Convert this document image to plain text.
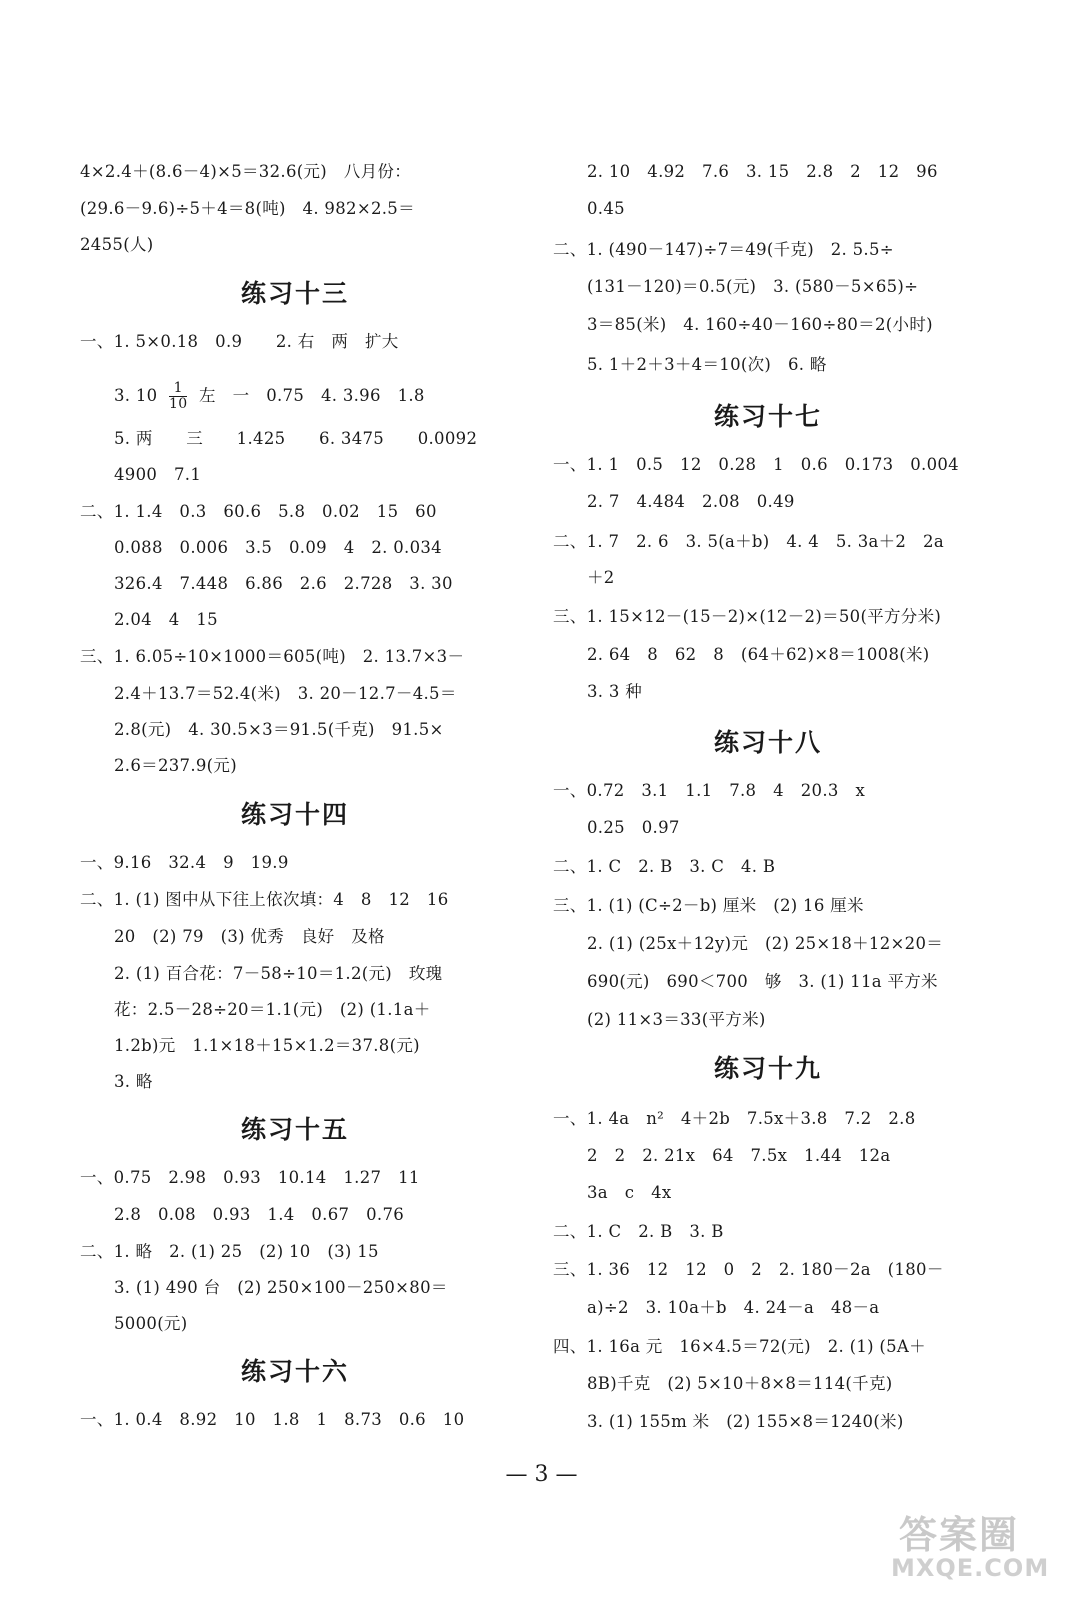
4×2.4＋(8.6－4)×5＝32.6(元)　八月份：
(29.6－9.6)÷5＋4＝8(吨)　4. 982×2.5＝
2455(人)
练习十三
一、1. 5×0.18　0.9　　2. 右　两　扩大
3. $10 \frac{1}{10}$ 左　一　0.75　4. 3.96　1.8
5. 两　　三　　1.425　　6. 3475　　0.0092
4900　7.1
二、1. 1.4　0.3　60.6　5.8　0.02　15　60
0.088　0.006　3.5　0.09　4　2. 0.034
326.4　7.448　6.86　2.6　2.728　3. 30
2.04　4　15
三、1. 6.05÷10×1000＝605(吨)　2. 13.7×3－
2.4＋13.7＝52.4(米)　3. 20－12.7－4.5＝
2.8(元)　4. 30.5×3＝91.5(千克)　91.5×
2.6＝237.9(元)
练习十四
一、9.16　32.4　9　19.9
二、1. (1) 图中从下往上依次填：4　8　12　16
20　(2) 79　(3) 优秀　良好　及格
2. (1) 百合花：7－58÷10＝1.2(元)　玫瑰
花：2.5－28÷20＝1.1(元)　(2) (1.1a＋
1.2b)元　1.1×18＋15×1.2＝37.8(元)
3. 略
练习十五
一、0.75　2.98　0.93　10.14　1.27　11
2.8　0.08　0.93　1.4　0.67　0.76
二、1. 略　2. (1) 25　(2) 10　(3) 15
3. (1) 490 台　(2) 250×100－250×80＝
5000(元)
练习十六
一、1. 0.4　8.92　10　1.8　1　8.73　0.6　10
2. 10　4.92　7.6　3. 15　2.8　2　12　96
0.45
二、1. (490－147)÷7＝49(千克)　2. 5.5÷
(131－120)＝0.5(元)　3. (580－5×65)÷
3＝85(米)　4. 160÷40－160÷80＝2(小时)
5. 1＋2＋3＋4＝10(次)　6. 略
练习十七
一、1. 1　0.5　12　0.28　1　0.6　0.173　0.004
2. 7　4.484　2.08　0.49
二、1. 7　2. 6　3. 5(a＋b)　4. 4　5. 3a＋2　2a
＋2
三、1. 15×12－(15－2)×(12－2)＝50(平方分米)
2. 64　8　62　8　(64＋62)×8＝1008(米)
3. 3 种
练习十八
一、0.72　3.1　1.1　7.8　4　20.3　x
0.25　0.97
二、1. C　2. B　3. C　4. B
三、1. (1) (C÷2－b) 厘米　(2) 16 厘米
2. (1) (25x＋12y)元　(2) 25×18＋12×20＝
690(元)　690＜700　够　3. (1) 11a 平方米
(2) 11×3＝33(平方米)
练习十九
一、1. 4a　n²　4＋2b　7.5x＋3.8　7.2　2.8
2　2　2. 21x　64　7.5x　1.44　12a
3a　c　4x
二、1. C　2. B　3. B
三、1. 36　12　12　0　2　2. 180－2a　(180－
a)÷2　3. 10a＋b　4. 24－a　48－a
四、1. 16a 元　16×4.5＝72(元)　2. (1) (5A＋
8B)千克　(2) 5×10＋8×8＝114(千克)
3. (1) 155m 米　(2) 155×8＝1240(米)
— 3 —
答案圈
MXQE.COM
